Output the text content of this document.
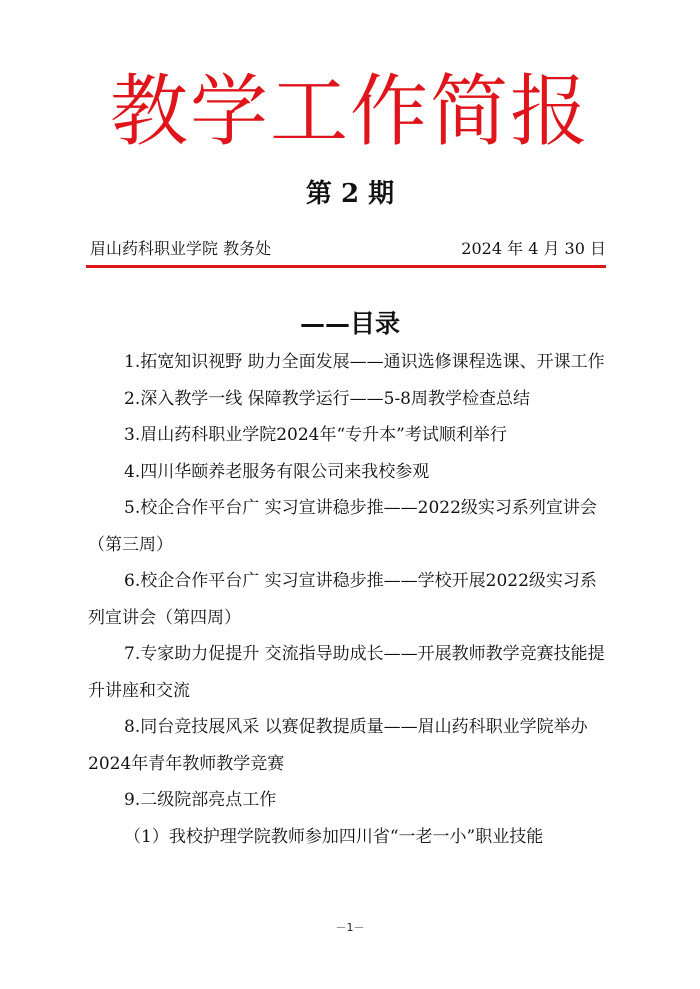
教学工作简报
第 2 期
眉山药科职业学院 教务处	2024 年 4 月 30 日
——目录

1.拓宽知识视野 助力全面发展——通识选修课程选课、开课工作

2.深入教学一线 保障教学运行——5-8周教学检查总结

3.眉山药科职业学院2024年“专升本”考试顺利举行

4.四川华颐养老服务有限公司来我校参观

5.校企合作平台广 实习宣讲稳步推——2022级实习系列宣讲会（第三周）

6.校企合作平台广 实习宣讲稳步推——学校开展2022级实习系列宣讲会（第四周）

7.专家助力促提升 交流指导助成长——开展教师教学竞赛技能提升讲座和交流

8.同台竞技展风采 以赛促教提质量——眉山药科职业学院举办2024年青年教师教学竞赛

9.二级院部亮点工作

（1）我校护理学院教师参加四川省“一老一小”职业技能

－1－
